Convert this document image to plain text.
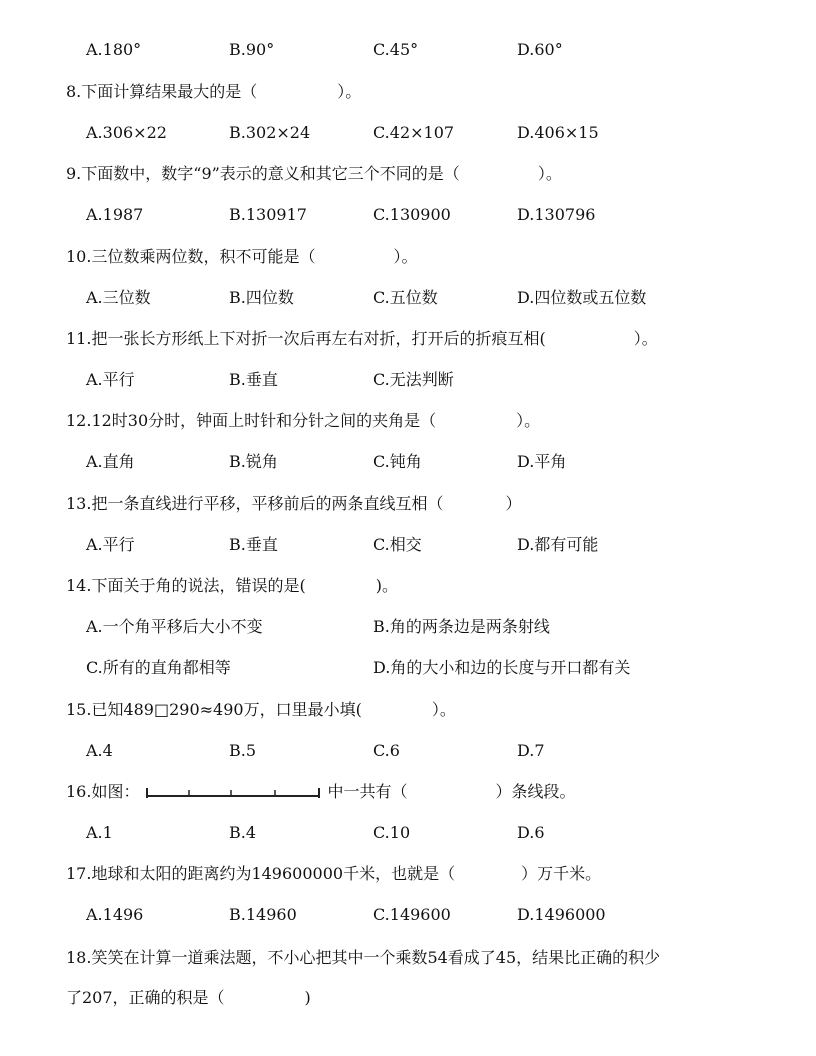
A.180°	B.90°	C.45°	D.60°
8.下面计算结果最大的是（	）。
A.306×22	B.302×24	C.42×107	D.406×15
9.下面数中，数字“9”表示的意义和其它三个不同的是（	）。
A.1987	B.130917	C.130900	D.130796
10.三位数乘两位数，积不可能是（	）。
A.三位数	B.四位数	C.五位数	D.四位数或五位数
11.把一张长方形纸上下对折一次后再左右对折，打开后的折痕互相(	）。
A.平行	B.垂直	C.无法判断
12.12时30分时，钟面上时针和分针之间的夹角是（	）。
A.直角	B.锐角	C.钝角	D.平角
13.把一条直线进行平移，平移前后的两条直线互相（	）
A.平行	B.垂直	C.相交	D.都有可能
14.下面关于角的说法，错误的是(	)。
A.一个角平移后大小不变	B.角的两条边是两条射线
C.所有的直角都相等	D.角的大小和边的长度与开口都有关
15.已知489□290≈490万，口里最小填(	）。
A.4	B.5	C.6	D.7
16.如图：	中一共有（	）条线段。
A.1	B.4	C.10	D.6
17.地球和太阳的距离约为149600000千米，也就是（	）万千米。
A.1496	B.14960	C.149600	D.1496000
18.笑笑在计算一道乘法题，不小心把其中一个乘数54看成了45，结果比正确的积少
了207，正确的积是（	)
